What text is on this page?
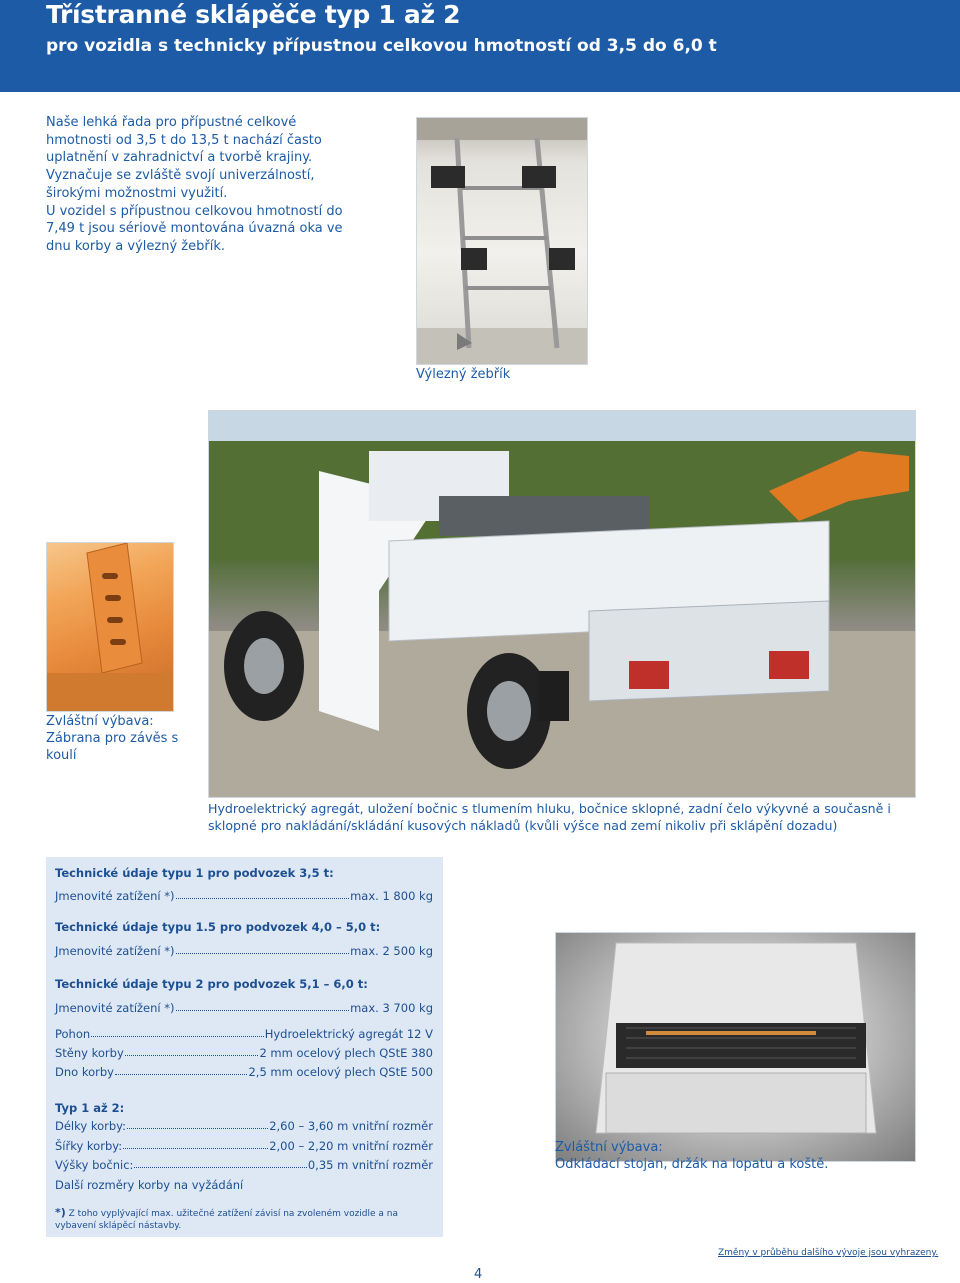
Třístranné sklápěče typ 1 až 2
pro vozidla s technicky přípustnou celkovou hmotností od 3,5 do 6,0 t

Naše lehká řada pro přípustné celkové hmotnosti od 3,5 t do 13,5 t nachází často uplatnění v zahradnictví a tvorbě krajiny.

Vyznačuje se zvláště svojí univerzálností, širokými možnostmi využití.

U vozidel s přípustnou celkovou hmotností do 7,49 t jsou sériově montována úvazná oka ve dnu korby a výlezný žebřík.

Výlezný žebřík

Zvláštní výbava:

Zábrana pro závěs s koulí

Hydroelektrický agregát, uložení bočnic s tlumením hluku, bočnice sklopné, zadní čelo výkyvné a současně i sklopné pro nakládání/skládání kusových nákladů (kvůli výšce nad zemí nikoliv při sklápění dozadu)
Technické údaje typu 1 pro podvozek 3,5 t:
Jmenovité zatížení *)	max. 1 800 kg
Technické údaje typu 1.5 pro podvozek 4,0 – 5,0 t:
Jmenovité zatížení *)	max. 2 500 kg
Technické údaje typu 2 pro podvozek 5,1 – 6,0 t:
Jmenovité zatížení *)	max. 3 700 kg
Pohon	Hydroelektrický agregát 12 V
Stěny korby	2 mm ocelový plech QStE 380
Dno korby	2,5 mm ocelový plech QStE 500
Typ 1 až 2:
Délky korby:	2,60 – 3,60 m vnitřní rozměr
Šířky korby:	2,00 – 2,20 m vnitřní rozměr
Výšky bočnic:	0,35 m vnitřní rozměr
Další rozměry korby na vyžádání
*) Z toho vyplývající max. užitečné zatížení závisí na zvoleném vozidle a na vybavení sklápěcí nástavby.

Zvláštní výbava:

Odkládací stojan, držák na lopatu a koště.

Změny v průběhu dalšího vývoje jsou vyhrazeny.
4
